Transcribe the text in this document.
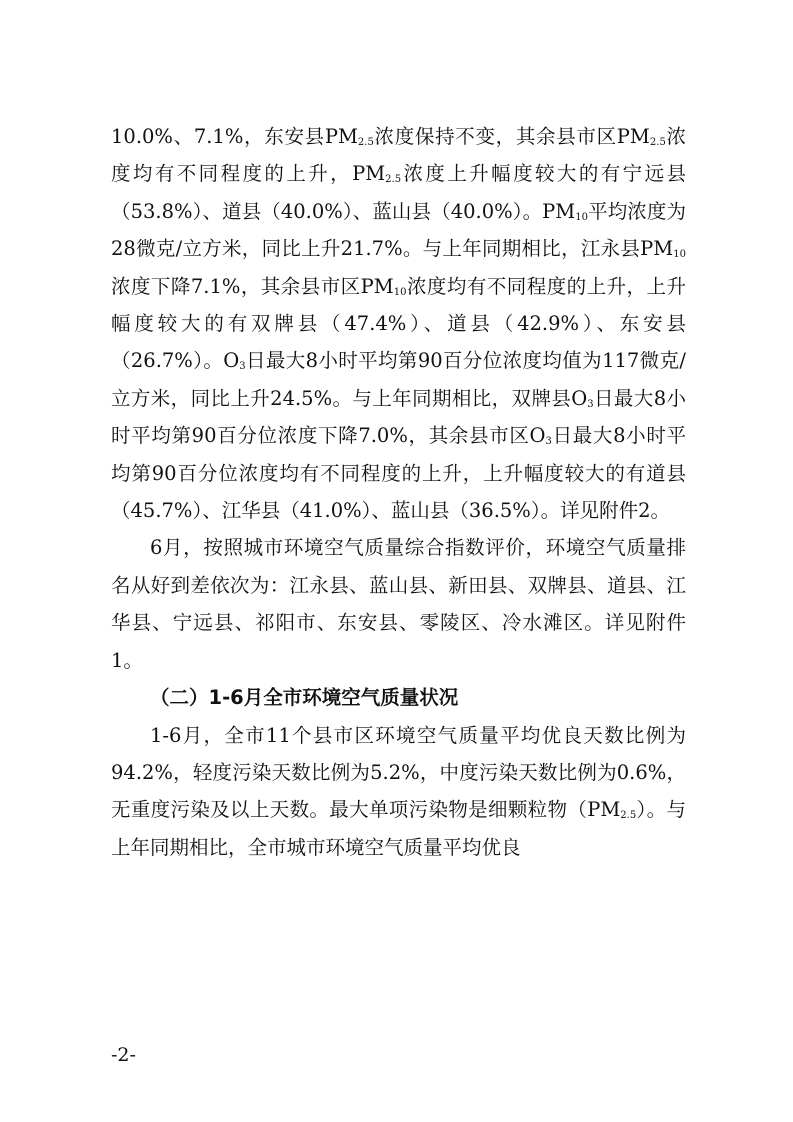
10.0%、7.1%，东安县$PM_{2.5}$浓度保持不变，其余县市区$PM_{2.5}$浓度均有不同程度的上升，$PM_{2.5}$浓度上升幅度较大的有宁远县（53.8%）、道县（40.0%）、蓝山县（40.0%）。$PM_{10}$平均浓度为28微克/立方米，同比上升21.7%。与上年同期相比，江永县$PM_{10}$浓度下降7.1%，其余县市区$PM_{10}$浓度均有不同程度的上升，上升幅度较大的有双牌县（47.4%）、道县（42.9%）、东安县（26.7%）。$O_3$日最大8小时平均第90百分位浓度均值为117微克/立方米，同比上升24.5%。与上年同期相比，双牌县$O_3$日最大8小时平均第90百分位浓度下降7.0%，其余县市区$O_3$日最大8小时平均第90百分位浓度均有不同程度的上升，上升幅度较大的有道县（45.7%）、江华县（41.0%）、蓝山县（36.5%）。详见附件2。

6月，按照城市环境空气质量综合指数评价，环境空气质量排名从好到差依次为：江永县、蓝山县、新田县、双牌县、道县、江华县、宁远县、祁阳市、东安县、零陵区、冷水滩区。详见附件1。

（二）1-6月全市环境空气质量状况

1-6月，全市11个县市区环境空气质量平均优良天数比例为94.2%，轻度污染天数比例为5.2%，中度污染天数比例为0.6%，无重度污染及以上天数。最大单项污染物是细颗粒物$(PM_{2.5})$。与上年同期相比，全市城市环境空气质量平均优良

-2-
